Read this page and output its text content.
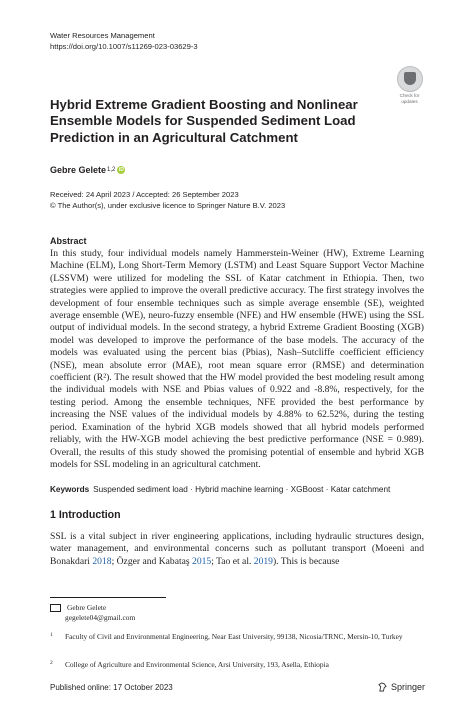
Water Resources Management
https://doi.org/10.1007/s11269-023-03629-3
Check for
updates
Hybrid Extreme Gradient Boosting and Nonlinear Ensemble Models for Suspended Sediment Load Prediction in an Agricultural Catchment
Gebre Gelete 1,2 iD
Received: 24 April 2023 / Accepted: 26 September 2023
© The Author(s), under exclusive licence to Springer Nature B.V. 2023
Abstract
In this study, four individual models namely Hammerstein-Weiner (HW), Extreme Learning Machine (ELM), Long Short-Term Memory (LSTM) and Least Square Support Vector Machine (LSSVM) were utilized for modeling the SSL of Katar catchment in Ethiopia. Then, two strategies were applied to improve the overall predictive accuracy. The first strategy involves the development of four ensemble techniques such as simple average ensemble (SE), weighted average ensemble (WE), neuro-fuzzy ensemble (NFE) and HW ensemble (HWE) using the SSL output of individual models. In the second strategy, a hybrid Extreme Gradient Boosting (XGB) model was developed to improve the performance of the base models. The accuracy of the models was evaluated using the percent bias (Pbias), Nash–Sutcliffe coefficient efficiency (NSE), mean absolute error (MAE), root mean square error (RMSE) and determination coefficient (R²). The result showed that the HW model provided the best modeling result among the individual models with NSE and Pbias values of 0.922 and -8.8%, respectively, for the testing period. Among the ensemble techniques, NFE provided the best performance by increasing the NSE values of the individual models by 4.88% to 62.52%, during the testing period. Examination of the hybrid XGB models showed that all hybrid models performed reliably, with the HW-XGB model achieving the best predictive performance (NSE = 0.989). Overall, the results of this study showed the promising potential of ensemble and hybrid XGB models for SSL modeling in an agricultural catchment.
Keywords Suspended sediment load · Hybrid machine learning · XGBoost · Katar catchment
1 Introduction
SSL is a vital subject in river engineering applications, including hydraulic structures design, water management, and environmental concerns such as pollutant transport (Moeeni and Bonakdari 2018; Özger and Kabataş 2015; Tao et al. 2019). This is because
Gebre Gelete
gegelete04@gmail.com
1 Faculty of Civil and Environmental Engineering, Near East University, 99138, Nicosia/TRNC, Mersin-10, Turkey
2 College of Agriculture and Environmental Science, Arsi University, 193, Asella, Ethiopia
Published online: 17 October 2023	Springer
